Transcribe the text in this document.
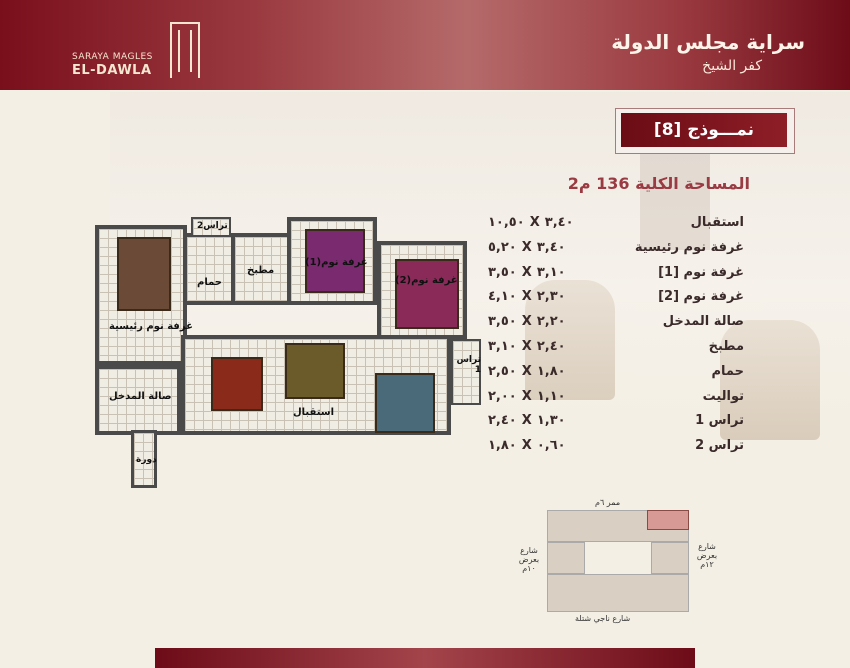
SARAYA MAGLES
EL-DAWLA
سراية مجلس الدولة
كفر الشيخ
نمـــوذج [8]
المساحة الكلية 136 م2
غرفة نوم رئيسية
حمام
تراس2
مطبخ
غرفة نوم(1)
غرفة نوم(2)
صالة المدخل
استقبال
تراس 1
دورة
استقبال
٣,٤٠ X ١٠,٥٠
غرفة نوم رئيسية
٣,٤٠ X ٥,٢٠
غرفة نوم [1]
٣,١٠ X ٣,٥٠
غرفة نوم [2]
٢,٣٠ X ٤,١٠
صالة المدخل
٢,٢٠ X ٣,٥٠
مطبخ
٢,٤٠ X ٣,١٠
حمام
١,٨٠ X ٢,٥٠
توالیت
١,١٠ X ٢,٠٠
تراس 1
١,٣٠ X ٢,٤٠
تراس 2
٠,٦٠ X ١,٨٠
ممر ٦م
شارع بعرض ١٠م
شارع بعرض ١٢م
شارع ناجي شتلة
